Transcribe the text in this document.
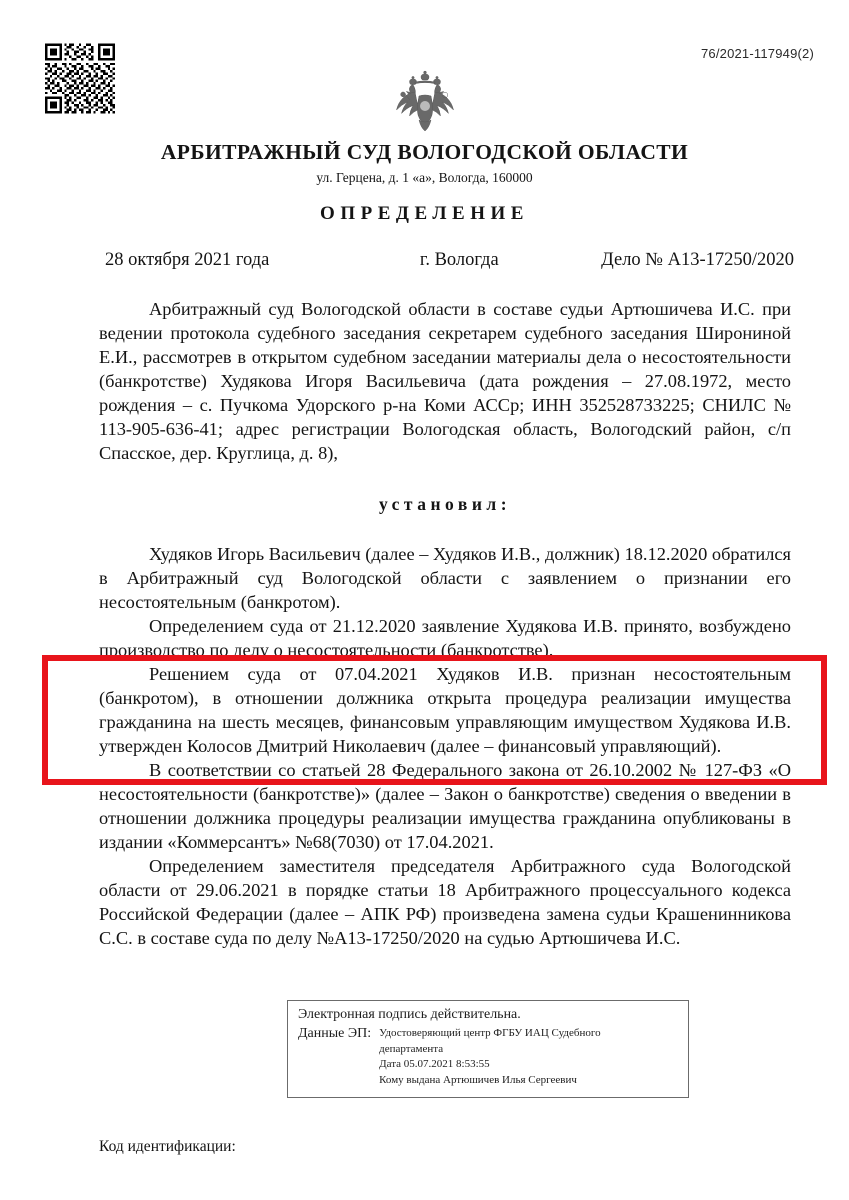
76/2021-117949(2)
АРБИТРАЖНЫЙ СУД ВОЛОГОДСКОЙ ОБЛАСТИ
ул. Герцена, д. 1 «а», Вологда, 160000
ОПРЕДЕЛЕНИЕ
28 октября 2021 года	г. Вологда	Дело № А13-17250/2020

Арбитражный суд Вологодской области в составе судьи Артюшичева И.С. при ведении протокола судебного заседания секретарем судебного заседания Широниной Е.И., рассмотрев в открытом судебном заседании материалы дела о несостоятельности (банкротстве) Худякова Игоря Васильевича (дата рождения – 27.08.1972, место рождения – с. Пучкома Удорского р-на Коми АССр; ИНН 352528733225; СНИЛС № 113-905-636-41; адрес регистрации Вологодская область, Вологодский район, с/п Спасское, дер. Круглица, д. 8),

установил:

Худяков Игорь Васильевич (далее – Худяков И.В., должник) 18.12.2020 обратился в Арбитражный суд Вологодской области с заявлением о признании его несостоятельным (банкротом).

Определением суда от 21.12.2020 заявление Худякова И.В. принято, возбуждено производство по делу о несостоятельности (банкротстве).

Решением суда от 07.04.2021 Худяков И.В. признан несостоятельным (банкротом), в отношении должника открыта процедура реализации имущества гражданина на шесть месяцев, финансовым управляющим имуществом Худякова И.В. утвержден Колосов Дмитрий Николаевич (далее – финансовый управляющий).

В соответствии со статьей 28 Федерального закона от 26.10.2002 № 127-ФЗ «О несостоятельности (банкротстве)» (далее – Закон о банкротстве) сведения о введении в отношении должника процедуры реализации имущества гражданина опубликованы в издании «Коммерсантъ» №68(7030) от 17.04.2021.

Определением заместителя председателя Арбитражного суда Вологодской области от 29.06.2021 в порядке статьи 18 Арбитражного процессуального кодекса Российской Федерации (далее – АПК РФ) произведена замена судьи Крашенинникова С.С. в составе суда по делу №А13-17250/2020 на судью Артюшичева И.С.

Электронная подпись действительна.
Данные ЭП: Удостоверяющий центр ФГБУ ИАЦ Судебного
департамента
Дата 05.07.2021 8:53:55
Кому выдана Артюшичев Илья Сергеевич
Код идентификации:
